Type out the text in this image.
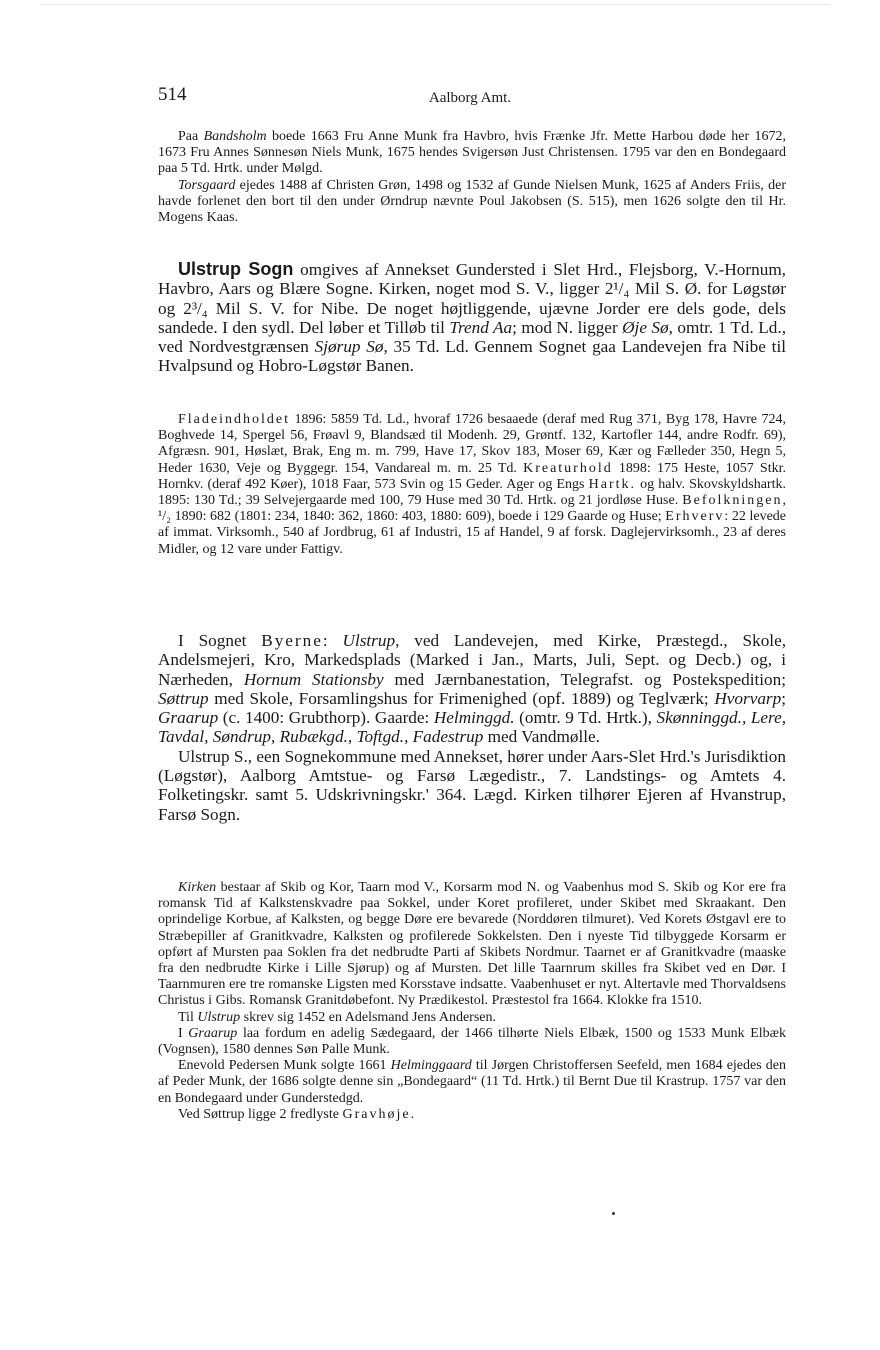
514	Aalborg Amt.

Paa Bandsholm boede 1663 Fru Anne Munk fra Havbro, hvis Frænke Jfr. Mette Harbou døde her 1672, 1673 Fru Annes Sønnesøn Niels Munk, 1675 hendes Svigersøn Just Christensen. 1795 var den en Bondegaard paa 5 Td. Hrtk. under Mølgd.

Torsgaard ejedes 1488 af Christen Grøn, 1498 og 1532 af Gunde Nielsen Munk, 1625 af Anders Friis, der havde forlenet den bort til den under Ørndrup nævnte Poul Jakobsen (S. 515), men 1626 solgte den til Hr. Mogens Kaas.

Ulstrup Sogn omgives af Annekset Gundersted i Slet Hrd., Flejsborg, V.-Hornum, Havbro, Aars og Blære Sogne. Kirken, noget mod S. V., ligger 2¹/₄ Mil S. Ø. for Løgstør og 2³/₄ Mil S. V. for Nibe. De noget højtliggende, ujævne Jorder ere dels gode, dels sandede. I den sydl. Del løber et Tilløb til Trend Aa; mod N. ligger Øje Sø, omtr. 1 Td. Ld., ved Nordvestgrænsen Sjørup Sø, 35 Td. Ld. Gennem Sognet gaa Landevejen fra Nibe til Hvalpsund og Hobro-Løgstør Banen.

Fladeindholdet 1896: 5859 Td. Ld., hvoraf 1726 besaaede (deraf med Rug 371, Byg 178, Havre 724, Boghvede 14, Spergel 56, Frøavl 9, Blandsæd til Modenh. 29, Grøntf. 132, Kartofler 144, andre Rodfr. 69), Afgræsn. 901, Høslæt, Brak, Eng m. m. 799, Have 17, Skov 183, Moser 69, Kær og Fælleder 350, Hegn 5, Heder 1630, Veje og Byggegr. 154, Vandareal m. m. 25 Td. Kreaturhold 1898: 175 Heste, 1057 Stkr. Hornkv. (deraf 492 Køer), 1018 Faar, 573 Svin og 15 Geder. Ager og Engs Hartk. og halv. Skovskyldshartk. 1895: 130 Td.; 39 Selvejergaarde med 100, 79 Huse med 30 Td. Hrtk. og 21 jordløse Huse. Befolkningen, ¹/₂ 1890: 682 (1801: 234, 1840: 362, 1860: 403, 1880: 609), boede i 129 Gaarde og Huse; Erhverv: 22 levede af immat. Virksomh., 540 af Jordbrug, 61 af Industri, 15 af Handel, 9 af forsk. Daglejervirksomh., 23 af deres Midler, og 12 vare under Fattigv.

I Sognet Byerne: Ulstrup, ved Landevejen, med Kirke, Præstegd., Skole, Andelsmejeri, Kro, Markedsplads (Marked i Jan., Marts, Juli, Sept. og Decb.) og, i Nærheden, Hornum Stationsby med Jærnbanestation, Telegrafst. og Postekspedition; Søttrup med Skole, Forsamlingshus for Frimenighed (opf. 1889) og Teglværk; Hvorvarp; Graarup (c. 1400: Grubthorp). Gaarde: Helminggd. (omtr. 9 Td. Hrtk.), Skønninggd., Lere, Tavdal, Søndrup, Rubækgd., Toftgd., Fadestrup med Vandmølle.

Ulstrup S., een Sognekommune med Annekset, hører under Aars-Slet Hrd.'s Jurisdiktion (Løgstør), Aalborg Amtstue- og Farsø Lægedistr., 7. Landstings- og Amtets 4. Folketingskr. samt 5. Udskrivningskr.' 364. Lægd. Kirken tilhører Ejeren af Hvanstrup, Farsø Sogn.

Kirken bestaar af Skib og Kor, Taarn mod V., Korsarm mod N. og Vaabenhus mod S. Skib og Kor ere fra romansk Tid af Kalkstenskvadre paa Sokkel, under Koret profileret, under Skibet med Skraakant. Den oprindelige Korbue, af Kalksten, og begge Døre ere bevarede (Norddøren tilmuret). Ved Korets Østgavl ere to Stræbepiller af Granitkvadre, Kalksten og profilerede Sokkelsten. Den i nyeste Tid tilbyggede Korsarm er opført af Mursten paa Soklen fra det nedbrudte Parti af Skibets Nordmur. Taarnet er af Granitkvadre (maaske fra den nedbrudte Kirke i Lille Sjørup) og af Mursten. Det lille Taarnrum skilles fra Skibet ved en Dør. I Taarnmuren ere tre romanske Ligsten med Korsstave indsatte. Vaabenhuset er nyt. Altertavle med Thorvaldsens Christus i Gibs. Romansk Granitdøbefont. Ny Prædikestol. Præstestol fra 1664. Klokke fra 1510.

Til Ulstrup skrev sig 1452 en Adelsmand Jens Andersen.

I Graarup laa fordum en adelig Sædegaard, der 1466 tilhørte Niels Elbæk, 1500 og 1533 Munk Elbæk (Vognsen), 1580 dennes Søn Palle Munk.

Enevold Pedersen Munk solgte 1661 Helminggaard til Jørgen Christoffersen Seefeld, men 1684 ejedes den af Peder Munk, der 1686 solgte denne sin „Bondegaard“ (11 Td. Hrtk.) til Bernt Due til Krastrup. 1757 var den en Bondegaard under Gunderstedgd.

Ved Søttrup ligge 2 fredlyste Gravhøje.
